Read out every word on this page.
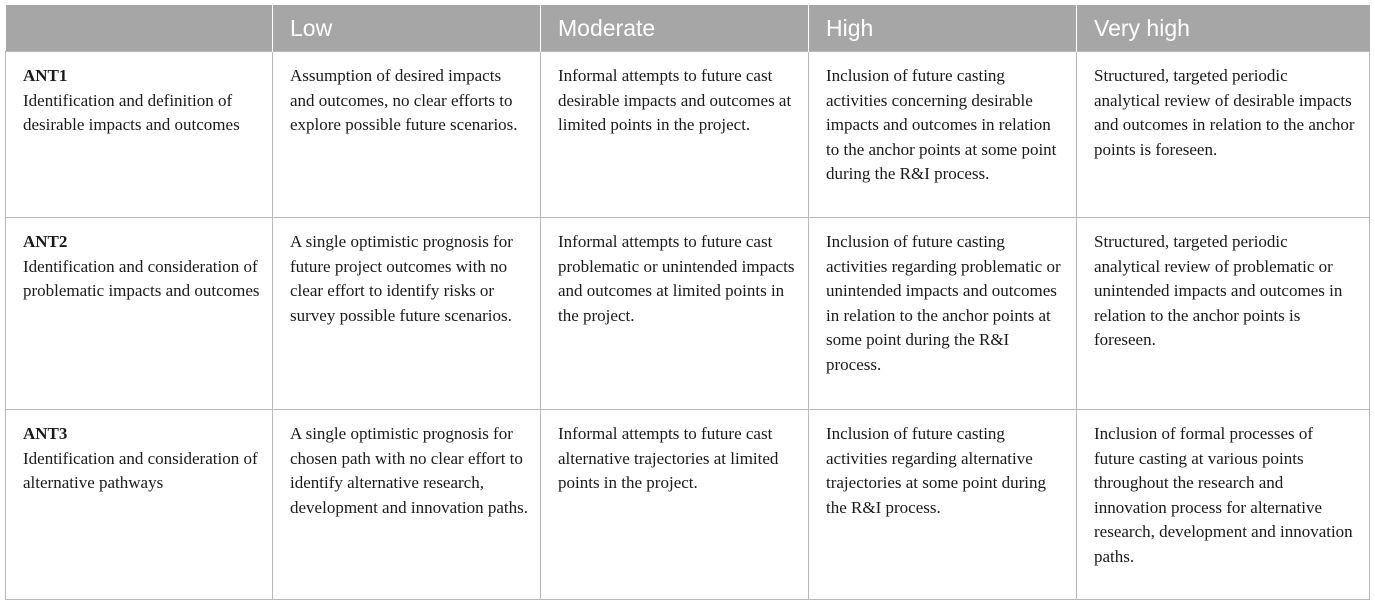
	Low	Moderate	High	Very high

ANT1
Identification and definition of desirable impacts and outcomes	Assumption of desired impacts and outcomes, no clear efforts to explore possible future scenarios.	Informal attempts to future cast desirable impacts and outcomes at limited points in the project.	Inclusion of future casting activities concerning desirable impacts and outcomes in relation to the anchor points at some point during the R&I process.	Structured, targeted periodic analytical review of desirable impacts and outcomes in relation to the anchor points is foreseen.

ANT2
Identification and consideration of problematic impacts and outcomes	A single optimistic prognosis for future project outcomes with no clear effort to identify risks or survey possible future scenarios.	Informal attempts to future cast problematic or unintended impacts and outcomes at limited points in the project.	Inclusion of future casting activities regarding problematic or unintended impacts and outcomes in relation to the anchor points at some point during the R&I process.	Structured, targeted periodic analytical review of problematic or unintended impacts and outcomes in relation to the anchor points is foreseen.

ANT3
Identification and consideration of alternative pathways	A single optimistic prognosis for chosen path with no clear effort to identify alternative research, development and innovation paths.	Informal attempts to future cast alternative trajectories at limited points in the project.	Inclusion of future casting activities regarding alternative trajectories at some point during the R&I process.	Inclusion of formal processes of future casting at various points throughout the research and innovation process for alternative research, development and innovation paths.
